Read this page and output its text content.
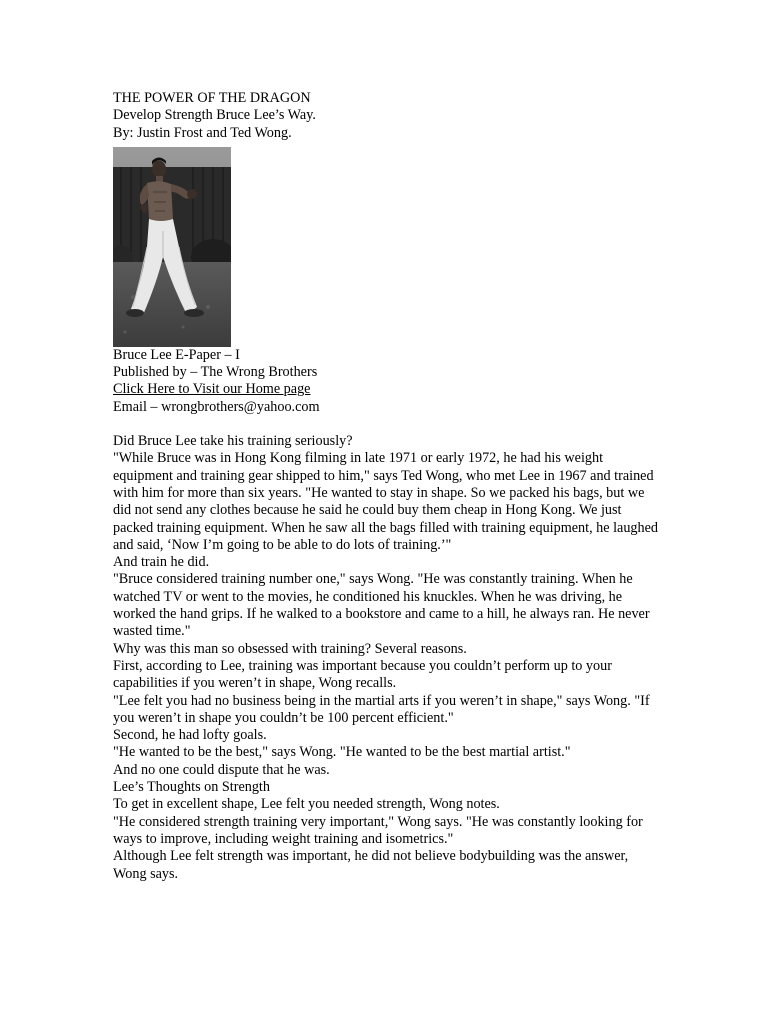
THE POWER OF THE DRAGON
Develop Strength Bruce Lee’s Way.
By: Justin Frost and Ted Wong.
Bruce Lee E-Paper – I
Published by – The Wrong Brothers
Click Here to Visit our Home page
Email – wrongbrothers@yahoo.com

Did Bruce Lee take his training seriously?

"While Bruce was in Hong Kong filming in late 1971 or early 1972, he had his weight equipment and training gear shipped to him," says Ted Wong, who met Lee in 1967 and trained with him for more than six years. "He wanted to stay in shape. So we packed his bags, but we did not send any clothes because he said he could buy them cheap in Hong Kong. We just packed training equipment. When he saw all the bags filled with training equipment, he laughed and said, ‘Now I’m going to be able to do lots of training.’"

And train he did.

"Bruce considered training number one," says Wong. "He was constantly training. When he watched TV or went to the movies, he conditioned his knuckles. When he was driving, he worked the hand grips. If he walked to a bookstore and came to a hill, he always ran. He never wasted time."

Why was this man so obsessed with training? Several reasons.

First, according to Lee, training was important because you couldn’t perform up to your capabilities if you weren’t in shape, Wong recalls.

"Lee felt you had no business being in the martial arts if you weren’t in shape," says Wong. "If you weren’t in shape you couldn’t be 100 percent efficient."

Second, he had lofty goals.

"He wanted to be the best," says Wong. "He wanted to be the best martial artist."

And no one could dispute that he was.

Lee’s Thoughts on Strength

To get in excellent shape, Lee felt you needed strength, Wong notes.

"He considered strength training very important," Wong says. "He was constantly looking for ways to improve, including weight training and isometrics."

Although Lee felt strength was important, he did not believe bodybuilding was the answer, Wong says.
